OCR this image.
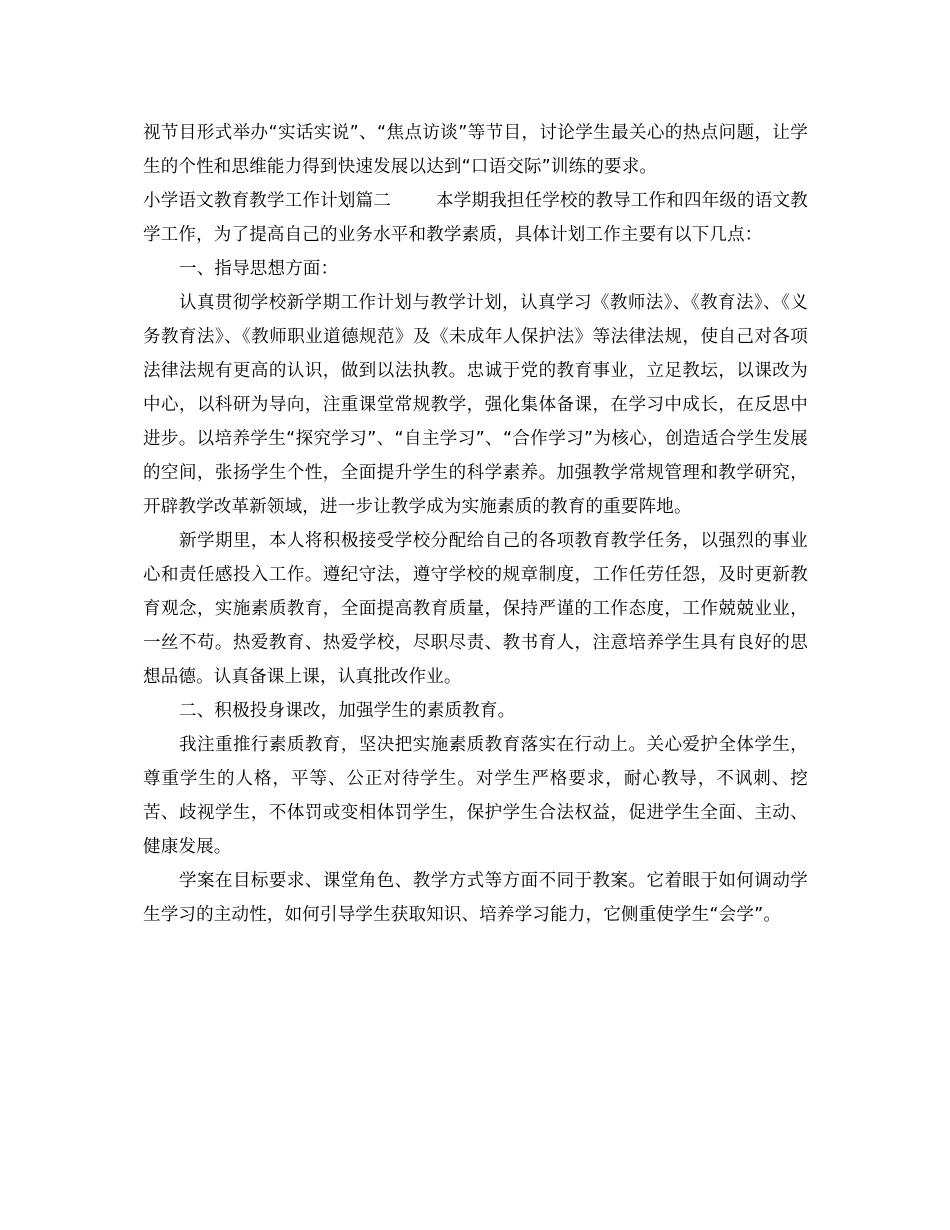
视节目形式举办“实话实说”、“焦点访谈”等节目，讨论学生最关心的热点问题，让学生的个性和思维能力得到快速发展以达到“口语交际”训练的要求。

小学语文教育教学工作计划篇二	本学期我担任学校的教导工作和四年级的语文教学工作，为了提高自己的业务水平和教学素质，具体计划工作主要有以下几点：

一、指导思想方面：

认真贯彻学校新学期工作计划与教学计划，认真学习《教师法》、《教育法》、《义务教育法》、《教师职业道德规范》及《未成年人保护法》等法律法规，使自己对各项法律法规有更高的认识，做到以法执教。忠诚于党的教育事业，立足教坛，以课改为中心，以科研为导向，注重课堂常规教学，强化集体备课，在学习中成长，在反思中进步。以培养学生“探究学习”、“自主学习”、“合作学习”为核心，创造适合学生发展的空间，张扬学生个性，全面提升学生的科学素养。加强教学常规管理和教学研究，开辟教学改革新领域，进一步让教学成为实施素质的教育的重要阵地。

新学期里，本人将积极接受学校分配给自己的各项教育教学任务，以强烈的事业心和责任感投入工作。遵纪守法，遵守学校的规章制度，工作任劳任怨，及时更新教育观念，实施素质教育，全面提高教育质量，保持严谨的工作态度，工作兢兢业业，一丝不苟。热爱教育、热爱学校，尽职尽责、教书育人，注意培养学生具有良好的思想品德。认真备课上课，认真批改作业。

二、积极投身课改，加强学生的素质教育。

我注重推行素质教育，坚决把实施素质教育落实在行动上。关心爱护全体学生，尊重学生的人格，平等、公正对待学生。对学生严格要求，耐心教导，不讽刺、挖苦、歧视学生，不体罚或变相体罚学生，保护学生合法权益，促进学生全面、主动、健康发展。

学案在目标要求、课堂角色、教学方式等方面不同于教案。它着眼于如何调动学生学习的主动性，如何引导学生获取知识、培养学习能力，它侧重使学生“会学”。
